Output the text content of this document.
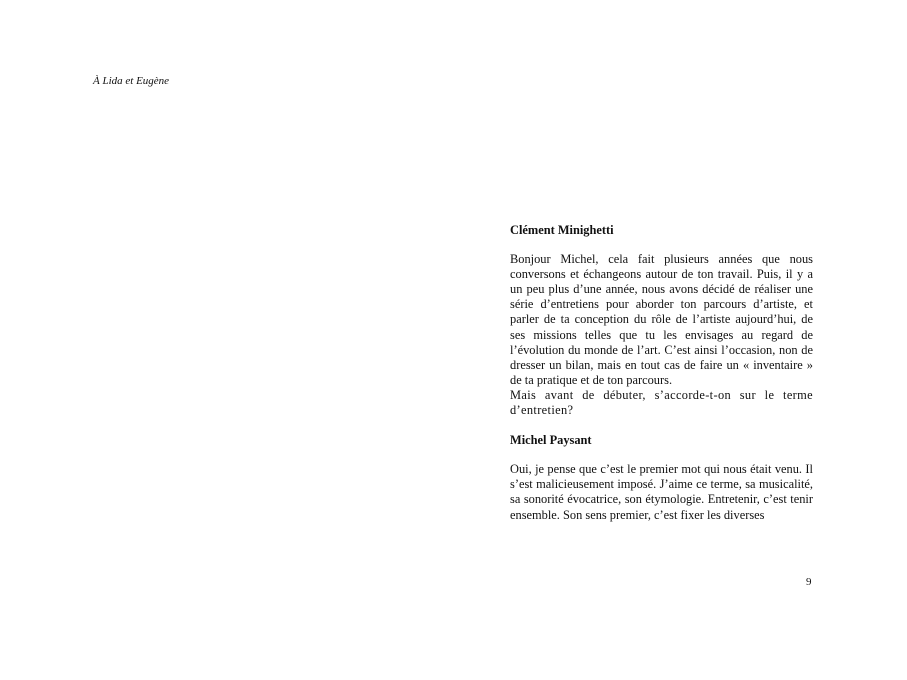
À Lida et Eugène

Clément Minighetti

Bonjour Michel, cela fait plusieurs années que nous conversons et échangeons autour de ton travail. Puis, il y a un peu plus d’une année, nous avons décidé de réaliser une série d’entretiens pour aborder ton parcours d’artiste, et parler de ta conception du rôle de l’artiste aujourd’hui, de ses missions telles que tu les envisages au regard de l’évolution du monde de l’art. C’est ainsi l’occasion, non de dresser un bilan, mais en tout cas de faire un « inventaire » de ta pratique et de ton parcours.

Mais avant de débuter, s’accorde-t-on sur le terme d’entretien?

Michel Paysant

Oui, je pense que c’est le premier mot qui nous était venu. Il s’est malicieusement imposé. J’aime ce terme, sa musicalité, sa sonorité évocatrice, son étymologie. Entretenir, c’est tenir ensemble. Son sens premier, c’est fixer les diverses

9
